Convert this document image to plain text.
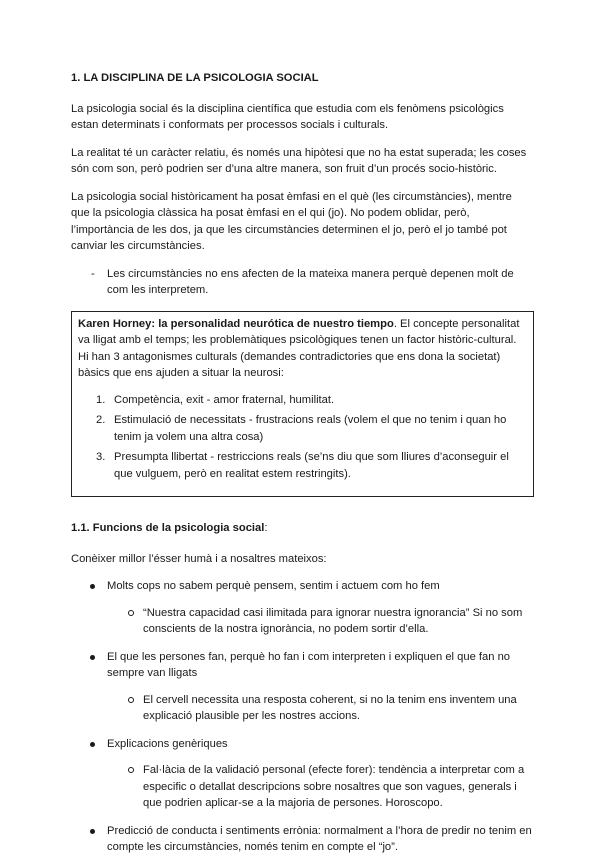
1. LA DISCIPLINA DE LA PSICOLOGIA SOCIAL

La psicologia social és la disciplina científica que estudia com els fenòmens psicològics estan determinats i conformats per processos socials i culturals.

La realitat té un caràcter relatiu, és només una hipòtesi que no ha estat superada; les coses són com son, però podrien ser d’una altre manera, son fruit d’un procés socio-històric.

La psicologia social històricament ha posat èmfasi en el què (les circumstàncies), mentre que la psicologia clàssica ha posat èmfasi en el qui (jo). No podem oblidar, però, l’importància de les dos, ja que les circumstàncies determinen el jo, però el jo també pot canviar les circumstàncies.

- Les circumstàncies no ens afecten de la mateixa manera perquè depenen molt de com les interpretem.

Karen Horney: la personalidad neurótica de nuestro tiempo. El concepte personalitat va lligat amb el temps; les problemàtiques psicològiques tenen un factor històric-cultural. Hi han 3 antagonismes culturals (demandes contradictories que ens dona la societat) bàsics que ens ajuden a situar la neurosi:

1. Competència, exit - amor fraternal, humilitat.
2. Estimulació de necessitats - frustracions reals (volem el que no tenim i quan ho tenim ja volem una altra cosa)
3. Presumpta llibertat - restriccions reals (se’ns diu que som lliures d’aconseguir el que vulguem, però en realitat estem restringits).
1.1. Funcions de la psicologia social:

Conèixer millor l’ésser humà i a nosaltres mateixos:

Molts cops no sabem perquè pensem, sentim i actuem com ho fem
“Nuestra capacidad casi ilimitada para ignorar nuestra ignorancia” Si no som conscients de la nostra ignorància, no podem sortir d’ella.
El que les persones fan, perquè ho fan i com interpreten i expliquen el que fan no sempre van lligats
El cervell necessita una resposta coherent, si no la tenim ens inventem una explicació plausible per les nostres accions.
Explicacions genèriques
Fal·làcia de la validació personal (efecte forer): tendència a interpretar com a especific o detallat descripcions sobre nosaltres que son vagues, generals i que podrien aplicar-se a la majoria de persones. Horoscopo.
Predicció de conducta i sentiments errònia: normalment a l’hora de predir no tenim en compte les circumstàncies, només tenim en compte el “jo”.
